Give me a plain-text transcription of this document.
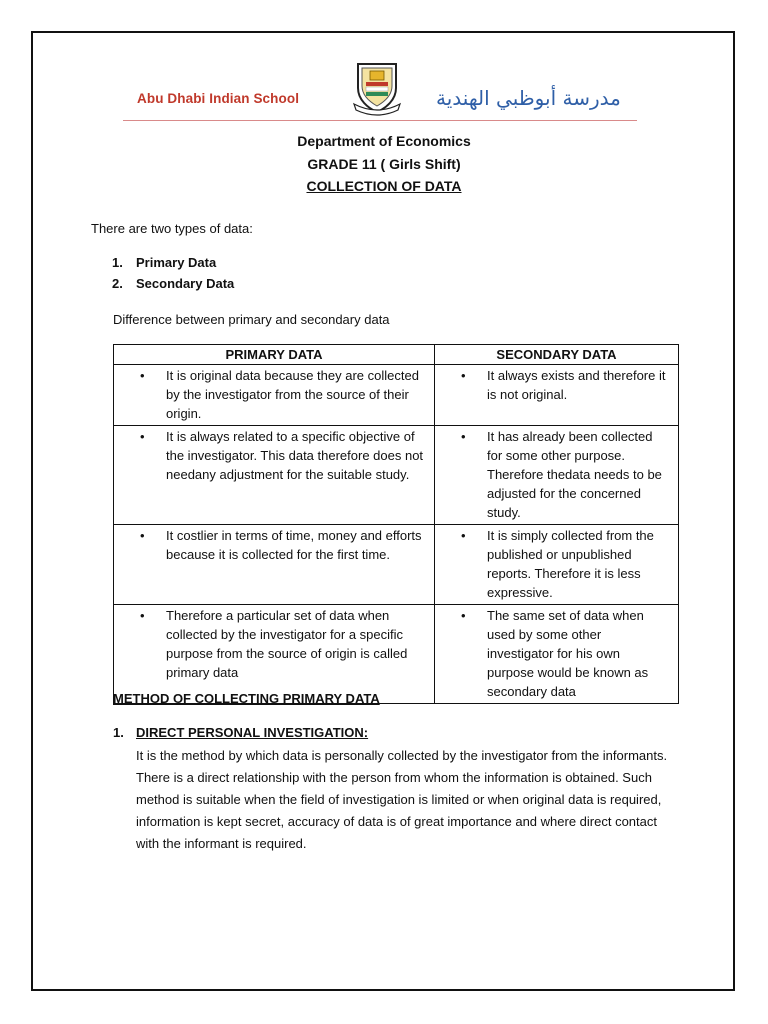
Abu Dhabi Indian School	مدرسة أبوظبي الهندية
Department of Economics
GRADE 11 ( Girls Shift)
COLLECTION OF DATA
There are two types of data:
1.	Primary Data
2.	Secondary Data
Difference between primary and secondary data
PRIMARY DATA	SECONDARY DATA

• It is original data because they are collected by the investigator from the source of their origin.	• It always exists and therefore it is not original.

• It is always related to a specific objective of the investigator. This data therefore does not needany adjustment for the suitable study.	• It has already been collected for some other purpose. Therefore thedata needs to be adjusted for the concerned study.

• It costlier in terms of time, money and efforts because it is collected for the first time.	• It is simply collected from the published or unpublished reports. Therefore it is less expressive.

• Therefore a particular set of data when collected by the investigator for a specific purpose from the source of origin is called primary data	• The same set of data when used by some other investigator for his own purpose would be known as secondary data
METHOD OF COLLECTING PRIMARY DATA
1. DIRECT PERSONAL INVESTIGATION:
It is the method by which data is personally collected by the investigator from the informants. There is a direct relationship with the person from whom the information is obtained. Such method is suitable when the field of investigation is limited or when original data is required, information is kept secret, accuracy of data is of great importance and where direct contact with the informant is required.
